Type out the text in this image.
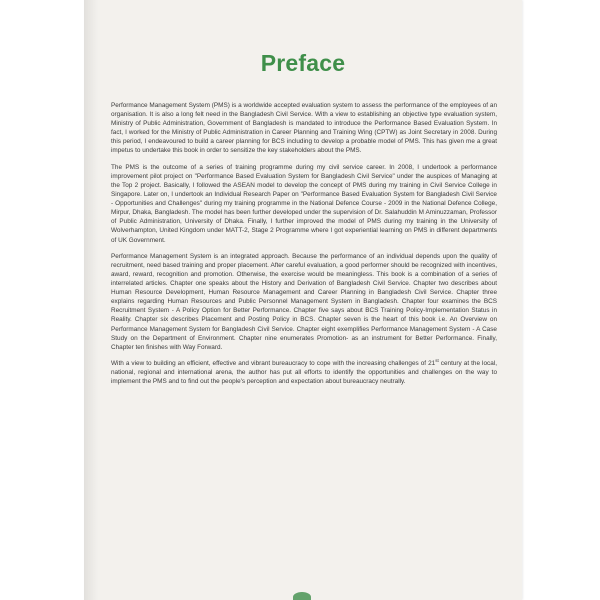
Preface

Performance Management System (PMS) is a worldwide accepted evaluation system to assess the performance of the employees of an organisation. It is also a long felt need in the Bangladesh Civil Service. With a view to establishing an objective type evaluation system, Ministry of Public Administration, Government of Bangladesh is mandated to introduce the Performance Based Evaluation System. In fact, I worked for the Ministry of Public Administration in Career Planning and Training Wing (CPTW) as Joint Secretary in 2008. During this period, I endeavoured to build a career planning for BCS including to develop a probable model of PMS. This has given me a great impetus to undertake this book in order to sensitize the key stakeholders about the PMS.

The PMS is the outcome of a series of training programme during my civil service career. In 2008, I undertook a performance improvement pilot project on "Performance Based Evaluation System for Bangladesh Civil Service" under the auspices of Managing at the Top 2 project. Basically, I followed the ASEAN model to develop the concept of PMS during my training in Civil Service College in Singapore. Later on, I undertook an Individual Research Paper on "Performance Based Evaluation System for Bangladesh Civil Service - Opportunities and Challenges" during my training programme in the National Defence Course - 2009 in the National Defence College, Mirpur, Dhaka, Bangladesh. The model has been further developed under the supervision of Dr. Salahuddin M Aminuzzaman, Professor of Public Administration, University of Dhaka. Finally, I further improved the model of PMS during my training in the University of Wolverhampton, United Kingdom under MATT-2, Stage 2 Programme where I got experiential learning on PMS in different departments of UK Government.

Performance Management System is an integrated approach. Because the performance of an individual depends upon the quality of recruitment, need based training and proper placement. After careful evaluation, a good performer should be recognized with incentives, award, reward, recognition and promotion. Otherwise, the exercise would be meaningless. This book is a combination of a series of interrelated articles. Chapter one speaks about the History and Derivation of Bangladesh Civil Service. Chapter two describes about Human Resource Development, Human Resource Management and Career Planning in Bangladesh Civil Service. Chapter three explains regarding Human Resources and Public Personnel Management System in Bangladesh. Chapter four examines the BCS Recruitment System - A Policy Option for Better Performance. Chapter five says about BCS Training Policy-Implementation Status in Reality. Chapter six describes Placement and Posting Policy in BCS. Chapter seven is the heart of this book i.e. An Overview on Performance Management System for Bangladesh Civil Service. Chapter eight exemplifies Performance Management System - A Case Study on the Department of Environment. Chapter nine enumerates Promotion- as an instrument for Better Performance. Finally, Chapter ten finishes with Way Forward.

With a view to building an efficient, effective and vibrant bureaucracy to cope with the increasing challenges of 21st century at the local, national, regional and international arena, the author has put all efforts to identify the opportunities and challenges on the way to implement the PMS and to find out the people's perception and expectation about bureaucracy neutrally.
